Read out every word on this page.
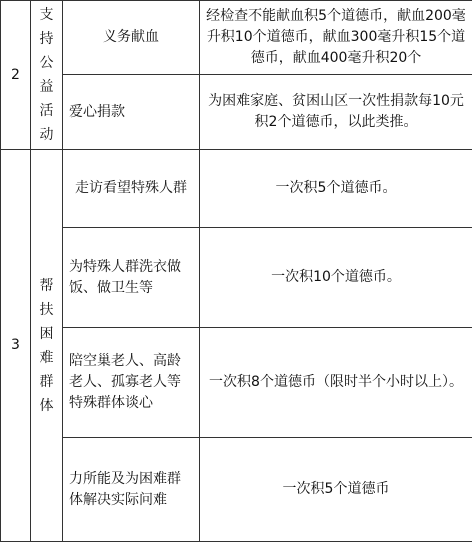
2	支持公益活动	义务献血	经检查不能献血积5个道德币，献血200毫升积10个道德币，献血300毫升积15个道德币，献血400毫升积20个
		爱心捐款	为困难家庭、贫困山区一次性捐款每10元积2个道德币，以此类推。
3	帮扶困难群体	走访看望特殊人群	一次积5个道德币。
		为特殊人群洗衣做饭、做卫生等	一次积10个道德币。
		陪空巢老人、高龄老人、孤寡老人等特殊群体谈心	一次积8个道德币（限时半个小时以上）。
		力所能及为困难群体解决实际问难	一次积5个道德币
